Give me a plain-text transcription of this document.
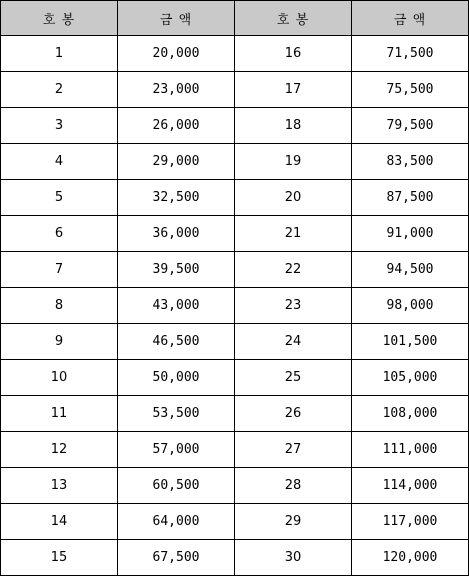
호 봉	금 액	호 봉	금 액
1	20,000	16	71,500
2	23,000	17	75,500
3	26,000	18	79,500
4	29,000	19	83,500
5	32,500	20	87,500
6	36,000	21	91,000
7	39,500	22	94,500
8	43,000	23	98,000
9	46,500	24	101,500
10	50,000	25	105,000
11	53,500	26	108,000
12	57,000	27	111,000
13	60,500	28	114,000
14	64,000	29	117,000
15	67,500	30	120,000
